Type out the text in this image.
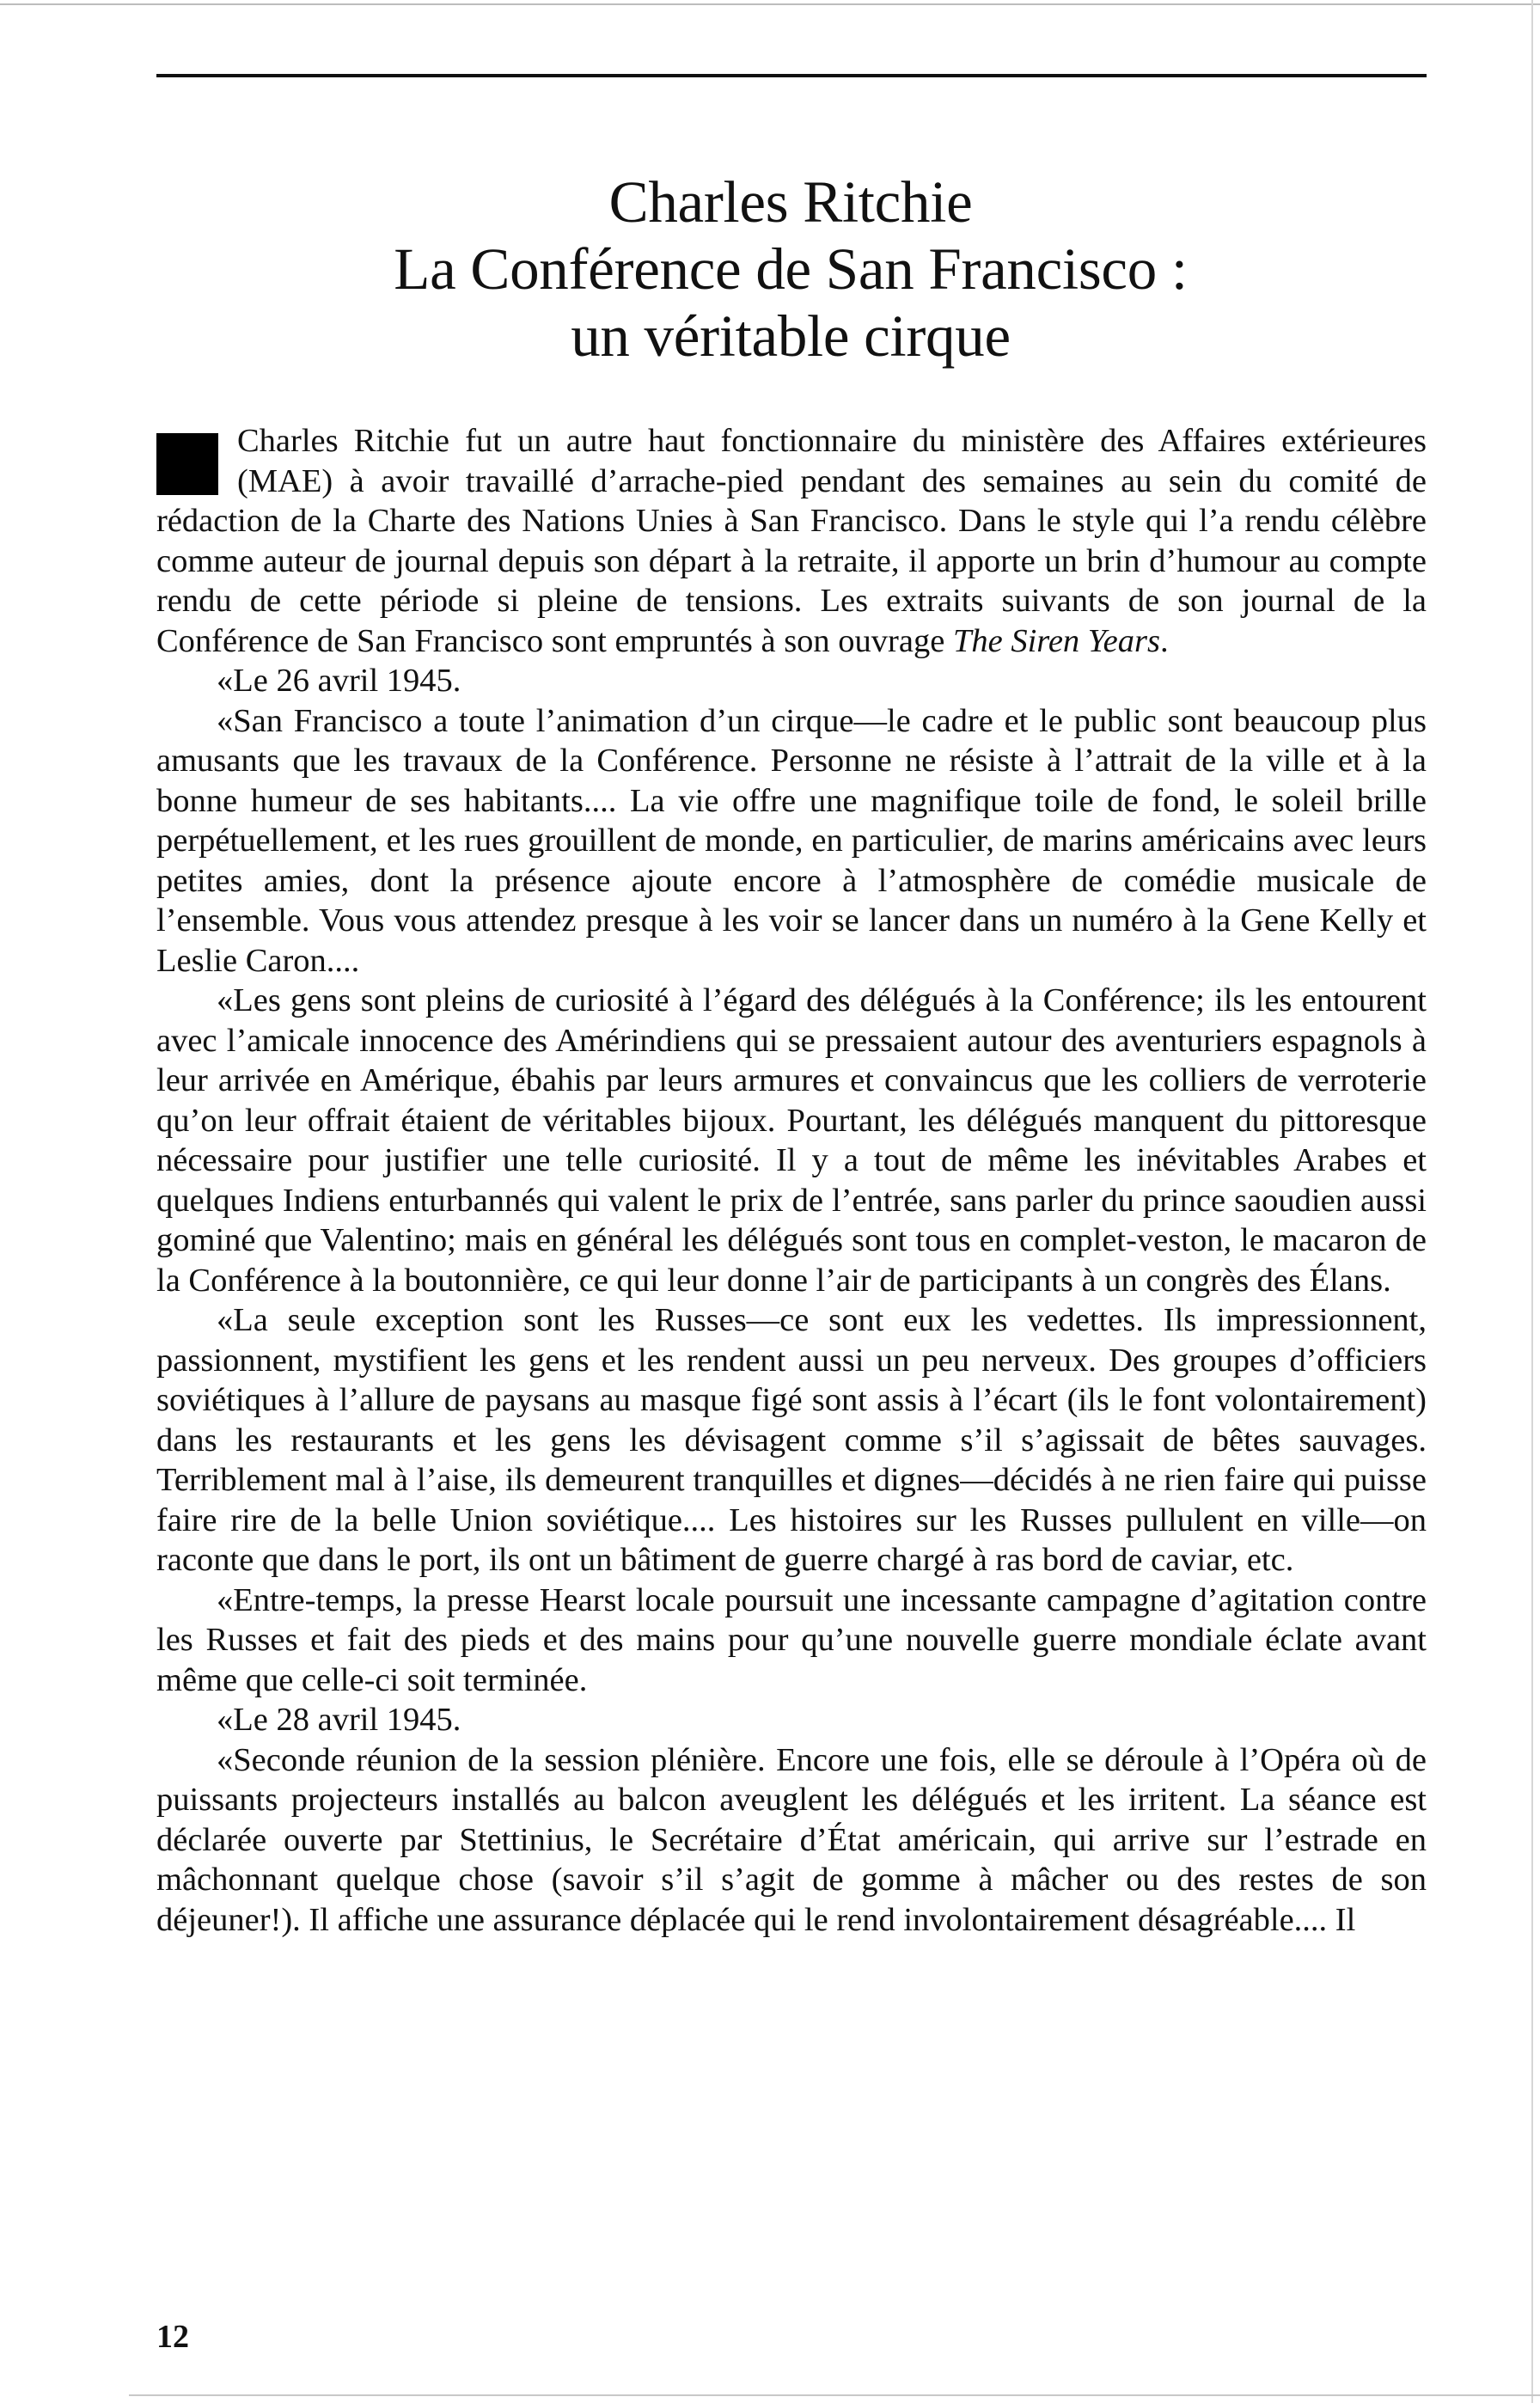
Charles Ritchie
La Conférence de San Francisco :
un véritable cirque

Charles Ritchie fut un autre haut fonctionnaire du ministère des Affaires extérieures (MAE) à avoir travaillé d’arrache-pied pendant des semaines au sein du comité de rédaction de la Charte des Nations Unies à San Francisco. Dans le style qui l’a rendu célèbre comme auteur de journal depuis son départ à la retraite, il apporte un brin d’humour au compte rendu de cette période si pleine de tensions. Les extraits suivants de son journal de la Conférence de San Francisco sont empruntés à son ouvrage The Siren Years.

«Le 26 avril 1945.

«San Francisco a toute l’animation d’un cirque—le cadre et le public sont beaucoup plus amusants que les travaux de la Conférence. Personne ne résiste à l’attrait de la ville et à la bonne humeur de ses habitants.... La vie offre une magnifique toile de fond, le soleil brille perpétuellement, et les rues grouillent de monde, en particulier, de marins américains avec leurs petites amies, dont la présence ajoute encore à l’atmosphère de comédie musicale de l’ensemble. Vous vous attendez presque à les voir se lancer dans un numéro à la Gene Kelly et Leslie Caron....

«Les gens sont pleins de curiosité à l’égard des délégués à la Conférence; ils les entourent avec l’amicale innocence des Amérindiens qui se pressaient autour des aventuriers espagnols à leur arrivée en Amérique, ébahis par leurs armures et convaincus que les colliers de verroterie qu’on leur offrait étaient de véritables bijoux. Pourtant, les délégués manquent du pittoresque nécessaire pour justifier une telle curiosité. Il y a tout de même les inévitables Arabes et quelques Indiens enturbannés qui valent le prix de l’entrée, sans parler du prince saoudien aussi gominé que Valentino; mais en général les délégués sont tous en complet-veston, le macaron de la Conférence à la boutonnière, ce qui leur donne l’air de participants à un congrès des Élans.

«La seule exception sont les Russes—ce sont eux les vedettes. Ils impressionnent, passionnent, mystifient les gens et les rendent aussi un peu nerveux. Des groupes d’officiers soviétiques à l’allure de paysans au masque figé sont assis à l’écart (ils le font volontairement) dans les restaurants et les gens les dévisagent comme s’il s’agissait de bêtes sauvages. Terriblement mal à l’aise, ils demeurent tranquilles et dignes—décidés à ne rien faire qui puisse faire rire de la belle Union soviétique.... Les histoires sur les Russes pullulent en ville—on raconte que dans le port, ils ont un bâtiment de guerre chargé à ras bord de caviar, etc.

«Entre-temps, la presse Hearst locale poursuit une incessante campagne d’agitation contre les Russes et fait des pieds et des mains pour qu’une nouvelle guerre mondiale éclate avant même que celle-ci soit terminée.

«Le 28 avril 1945.

«Seconde réunion de la session plénière. Encore une fois, elle se déroule à l’Opéra où de puissants projecteurs installés au balcon aveuglent les délégués et les irritent. La séance est déclarée ouverte par Stettinius, le Secrétaire d’État américain, qui arrive sur l’estrade en mâchonnant quelque chose (savoir s’il s’agit de gomme à mâcher ou des restes de son déjeuner!). Il affiche une assurance déplacée qui le rend involontairement désagréable.... Il

12
